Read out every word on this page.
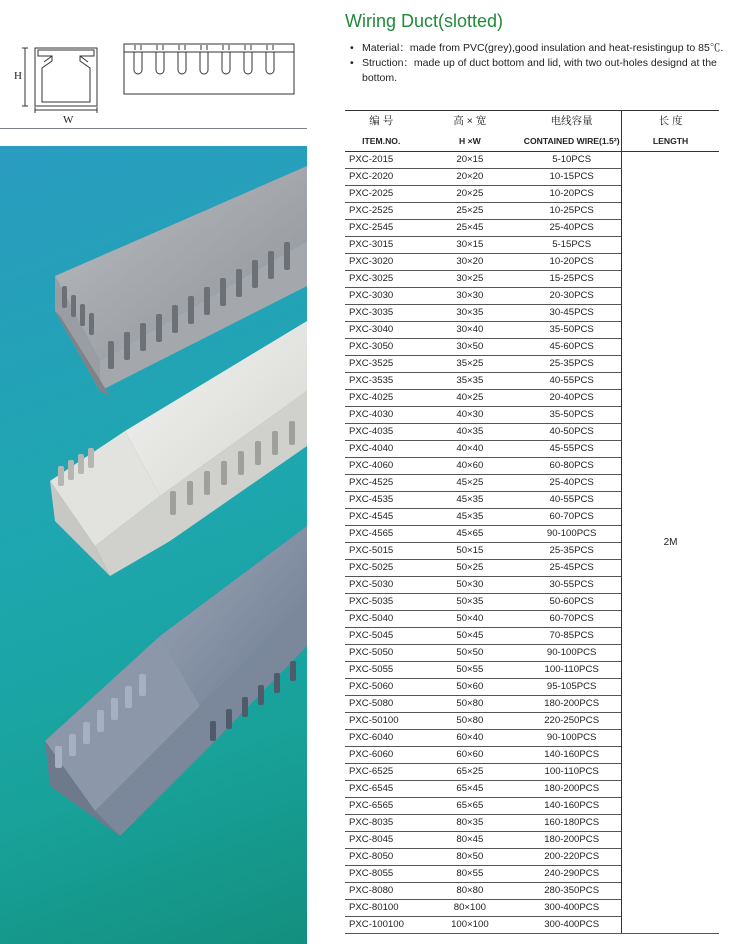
Wiring Duct(slotted)
• Material：made from PVC(grey),good insulation and heat-resistingup to 85℃.
• Struction：made up of duct bottom and lid, with two out-holes designd at the bottom.
H
W	编 号	高 × 宽	电线容量	长 度
ITEM.NO.	H ×W	CONTAINED WIRE(1.5²)	LENGTH
PXC-2015	20×15	5-10PCS	2M
PXC-2020	20×20	10-15PCS	
PXC-2025	20×25	10-20PCS	
PXC-2525	25×25	10-25PCS	
PXC-2545	25×45	25-40PCS	
PXC-3015	30×15	5-15PCS	
PXC-3020	30×20	10-20PCS	
PXC-3025	30×25	15-25PCS	
PXC-3030	30×30	20-30PCS	
PXC-3035	30×35	30-45PCS	
PXC-3040	30×40	35-50PCS	
PXC-3050	30×50	45-60PCS	
PXC-3525	35×25	25-35PCS	
PXC-3535	35×35	40-55PCS	
PXC-4025	40×25	20-40PCS	
PXC-4030	40×30	35-50PCS	
PXC-4035	40×35	40-50PCS	
PXC-4040	40×40	45-55PCS	
PXC-4060	40×60	60-80PCS	
PXC-4525	45×25	25-40PCS	
PXC-4535	45×35	40-55PCS	
PXC-4545	45×35	60-70PCS	
PXC-4565	45×65	90-100PCS	
PXC-5015	50×15	25-35PCS	
PXC-5025	50×25	25-45PCS	
PXC-5030	50×30	30-55PCS	
PXC-5035	50×35	50-60PCS	
PXC-5040	50×40	60-70PCS	
PXC-5045	50×45	70-85PCS	
PXC-5050	50×50	90-100PCS	
PXC-5055	50×55	100-110PCS	
PXC-5060	50×60	95-105PCS	
PXC-5080	50×80	180-200PCS	
PXC-50100	50×80	220-250PCS	
PXC-6040	60×40	90-100PCS	
PXC-6060	60×60	140-160PCS	
PXC-6525	65×25	100-110PCS	
PXC-6545	65×45	180-200PCS	
PXC-6565	65×65	140-160PCS	
PXC-8035	80×35	160-180PCS	
PXC-8045	80×45	180-200PCS	
PXC-8050	80×50	200-220PCS	
PXC-8055	80×55	240-290PCS	
PXC-8080	80×80	280-350PCS	
PXC-80100	80×100	300-400PCS	
PXC-100100	100×100	300-400PCS	
